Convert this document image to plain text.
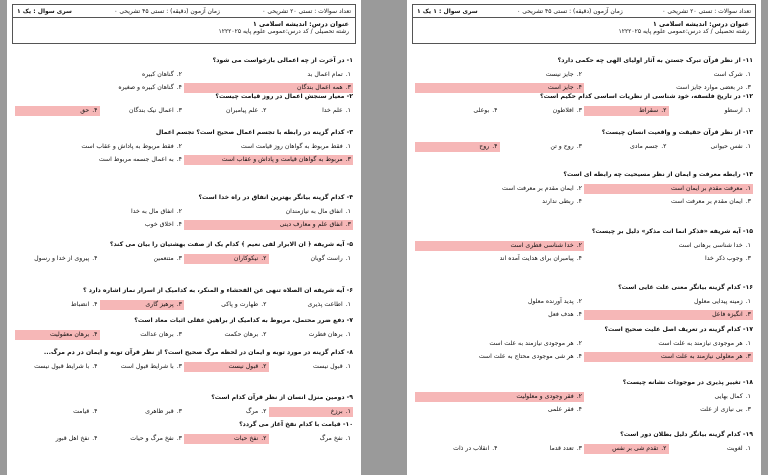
تعداد سوالات : تستی ۲۰ تشریحی ۰
زمان آزمون (دقیقه) : تستی ۴۵ تشریحی ۰
سری سوال : یک ۱
عنوان درس: اندیشه اسلامی ۱
رشته تحصیلی / کد درس:عمومی علوم پایه ۱۲۲۲۰۲۵
۱- در آخرت از چه اعمالی بازخواست می شود؟
۱.تمام اعمال بد
۲.گناهان کبیره
۳.همه اعمال بندگان
۴.گناهان کبیره و صغیره
۲- معیار سنجش اعمال در روز قیامت چیست؟
۱.علم خدا
۲.علم پیامبران
۳.اعمال نیک بندگان
۴.حق
۳- کدام گزینه در رابطه با تجسم اعمال صحیح است؟ تجسم اعمال
۱.فقط مربوط به گواهان روز قیامت است
۲.فقط مربوط به پاداش و عقاب است
۳.مربوط به گواهان قیامت و پاداش و عقاب است
۴.به اعمال جسمه مربوط است
۴- کدام گزینه بیانگر بهترین انفاق در راه خدا است؟
۱.انفاق مال به نیازمندان
۲.انفاق مال به خدا
۳.انفاق علم و معارف دینی
۴.اخلاق خوب
۵- آیه شریفه ﴿ ان الابرار لفی نعیم ﴾ کدام یک از صفت بهشتیان را بیان می کند؟
۱.راست گویان
۲.نیکوکاران
۳.متنعمین
۴.پیروی از خدا و رسول
۶- آیه شریفه ان الصلاه تنهی عن الفحشاء و المنکر، به کدامیک از اسرار نماز اشاره دارد ؟
۱.اطاعت پذیری
۲.طهارت و پاکی
۳.پرهیز گاری
۴.انضباط
۷- دفع ضرر محتمل، مربوط به کدامیک از براهین عقلی اثبات معاد است؟
۱.برهان فطرت
۲.برهان حکمت
۳.برهان عدالت
۴.برهان معقولیت
۸- کدام گزینه در مورد توبه و ایمان در لحظه مرگ صحیح است؟ از نظر قرآن توبه و ایمان در دم مرگ...
۱.قبول نیست
۲.قبول نیست
۳.با شرایط قبول است
۴.با شرایط قبول نیست
۹- دومین منزل انسان از نظر قرآن کدام است؟
۱.برزخ
۲.مرگ
۳.قبر ظاهری
۴.قیامت
۱۰- قیامت با کدام نفخ آغاز می گردد؟
۱.نفخ مرگ
۲.نفخ حیات
۳.نفخ مرگ و حیات
۴.نفخ اهل قبور
تعداد سوالات : تستی ۲۰ تشریحی ۰
زمان آزمون (دقیقه) : تستی ۴۵ تشریحی ۰
سری سوال : ۱ یک ۱
عنوان درس: اندیشه اسلامی ۱
رشته تحصیلی / کد درس:عمومی علوم پایه ۱۲۲۲۰۲۵
۱۱- از نظر قرآن تبرک جستن به آثار اولیای الهی چه حکمی دارد؟
۱.شرک است
۲.جایز نیست
۳.در بعضی موارد جایز است
۴.جایز است
۱۲- در تاریخ فلسفه، خود شناسی از نظریات اساسی کدام حکیم است؟
۱.ارسطو
۲.سقراط
۳.افلاطون
۴.بوعلی
۱۳- از نظر قرآن حقیقت و واقعیت انسان چیست؟
۱.نفس حیوانی
۲.جسم مادی
۳.روح و تن
۴.روح
۱۴- رابطه معرفت و ایمان از نظر مسیحیت چه رابطه ای است؟
۱.معرفت مقدم بر ایمان است
۲.ایمان مقدم بر معرفت است
۳.ایمان مقدم بر معرفت است
۴.ربطی ندارند
۱۵- آیه شریفه «فذکر انما انت مذکر» دلیل بر چیست؟
۱.خدا شناسی برهانی است
۲.خدا شناسی فطری است
۳.وجوب ذکر خدا
۴.پیامبران برای هدایت آمده اند
۱۶- کدام گزینه بیانگر معنی علت غایی است؟
۱.زمینه پیدایی معلول
۲.پدید آورنده معلول
۳.انگیزه فاعل
۴.هدف فعل
۱۷- کدام گزینه در تعریف اصل علیت صحیح است؟
۱.هر موجودی نیازمند به علت است
۲.هر موجودی نیازمند به علت است
۳.هر معلولی نیازمند به علت است
۴.هر شی موجودی محتاج به علت است
۱۸- تغییر پذیری در موجودات نشانه چیست؟
۱.کمال بهایی
۲.فقر وجودی و معلولیت
۳.بی نیازی از علت
۴.فقر علمی
۱۹- کدام گزینه بیانگر دلیل بطلان دور است؟
۱.لغویت
۲.تقدم شی بر نفس
۳.تعدد قدما
۴.انقلاب در ذات
